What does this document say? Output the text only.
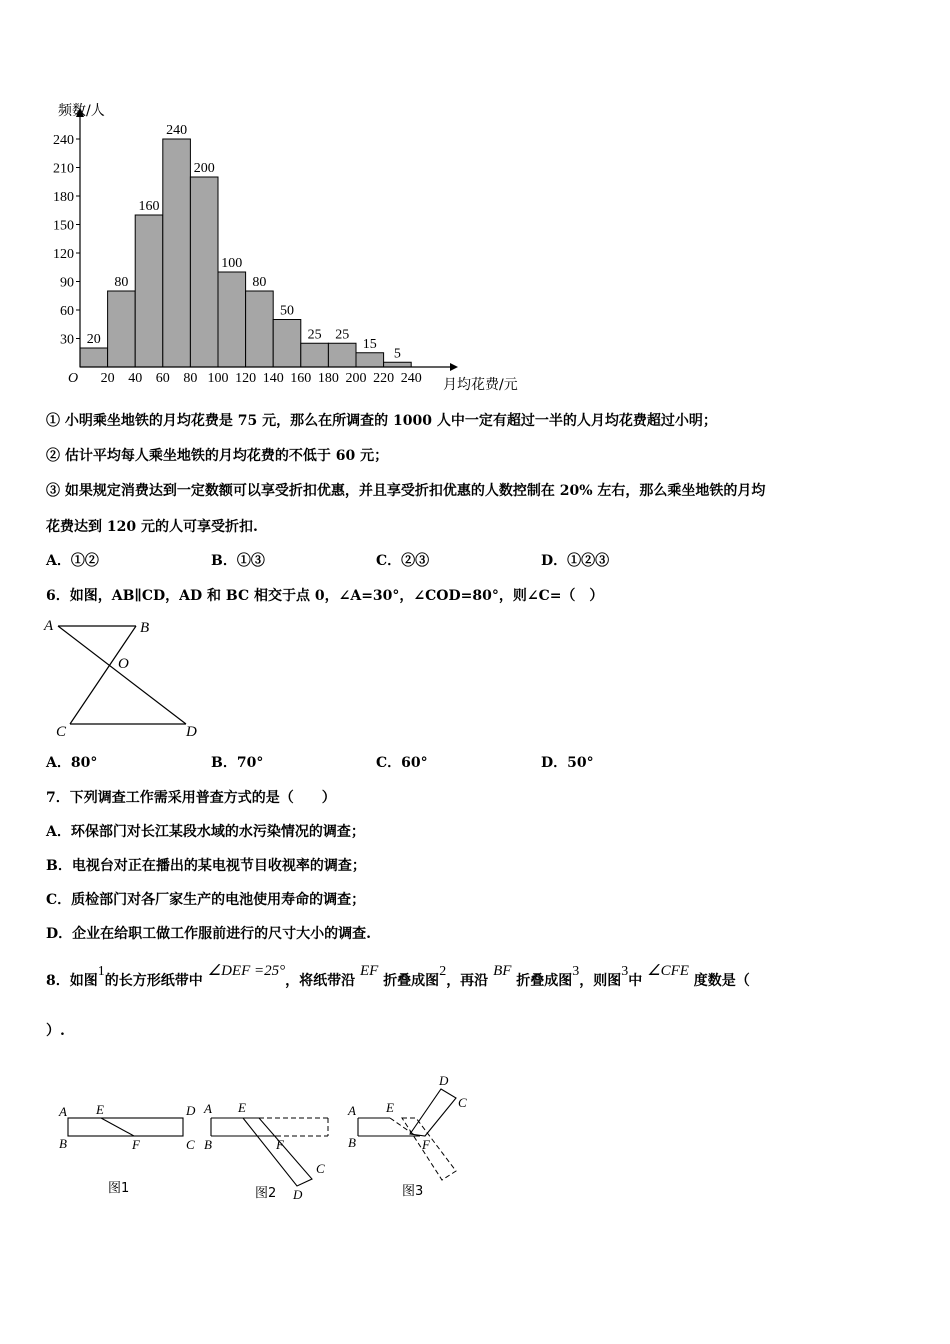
20
80
160
240
200
100
80
50
25 25
15
5
30
60
90
120
150
180
210
240
20 40 60 80 100 120 140 160 180 200 220 240
频数/人
月均花费/元
O
① 小明乘坐地铁的月均花费是 75 元，那么在所调查的 1000 人中一定有超过一半的人月均花费超过小明；
② 估计平均每人乘坐地铁的月均花费的不低于 60 元；
③ 如果规定消费达到一定数额可以享受折扣优惠，并且享受折扣优惠的人数控制在 20% 左右，那么乘坐地铁的月均
花费达到 120 元的人可享受折扣.
A．①②	B．①③	C．②③	D．①②③
6．如图，AB∥CD，AD 和 BC 相交于点 0，∠A=30°，∠COD=80°，则∠C=（　）
A	B
O
C	D
A．80°	B．70°	C．60°	D．50°
7．下列调查工作需采用普查方式的是（　　）
A．环保部门对长江某段水域的水污染情况的调查；
B．电视台对正在播出的某电视节目收视率的调查；
C．质检部门对各厂家生产的电池使用寿命的调查；
D．企业在给职工做工作服前进行的尺寸大小的调查.
8．如图1的长方形纸带中 ∠DEF =25°，将纸带沿 EF 折叠成图2，再沿 BF 折叠成图3，则图3中 ∠CFE 度数是（
）.
A E	D
B	F	C
图1
A E
B	F
C
D
图2
A E
B	F
D
C
图3
